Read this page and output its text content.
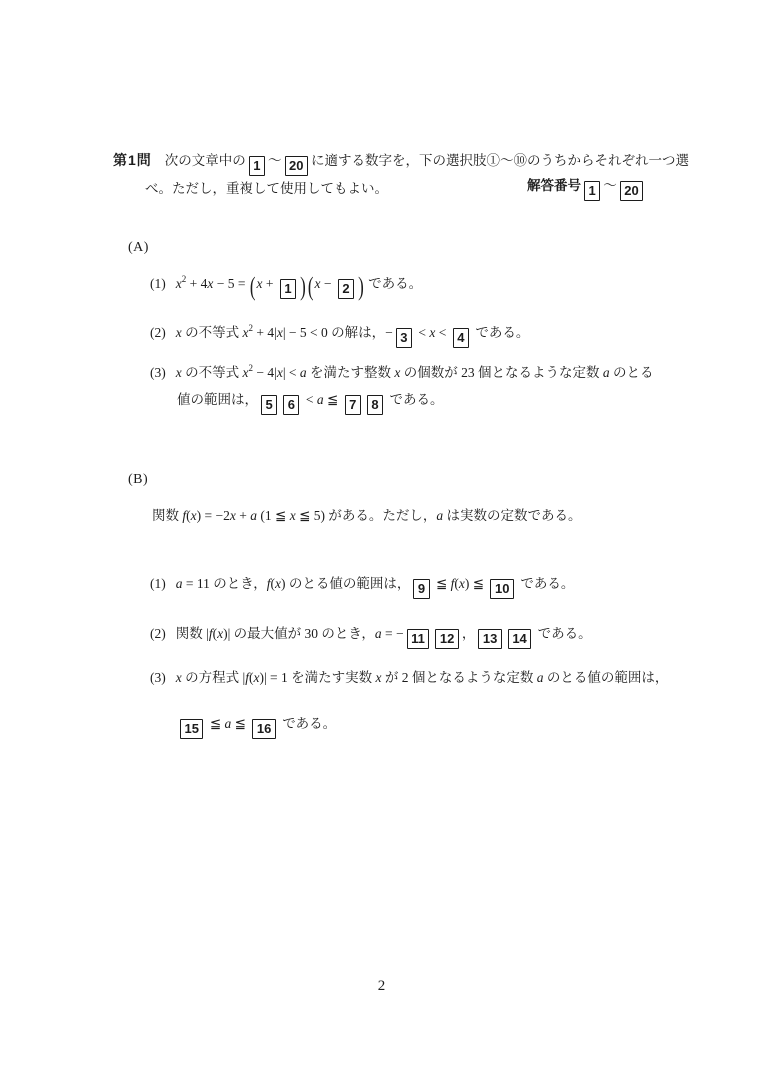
第1問 次の文章中の 1 ～ 20 に適する数字を，下の選択肢①～⑩のうちからそれぞれ一つ選
べ。ただし，重複して使用してもよい。	解答番号 1 ～ 20
(A)
(1) $x^2 + 4x - 5 = (x + 1$ ) (x − 2 ) である。
(2) x の不等式 $x^2 + 4|x| - 5 < 0$ の解は，− 3 < x < 4 である。
(3) x の不等式 $x^2 - 4|x| < a$ を満たす整数 x の個数が 23 個となるような定数 a のとる
値の範囲は， 5 6 < a ≦ 7 8 である。
(B)
関数 f(x) = −2x + a (1 ≦ x ≦ 5) がある。ただし，a は実数の定数である。
(1) a = 11 のとき，f(x) のとる値の範囲は， 9 ≦ f(x) ≦ 10 である。
(2) 関数 |f(x)| の最大値が 30 のとき，a = − 11 12 ， 13 14 である。
(3) x の方程式 |f(x)| = 1 を満たす実数 x が 2 個となるような定数 a のとる値の範囲は，
15 ≦ a ≦ 16 である。
2
